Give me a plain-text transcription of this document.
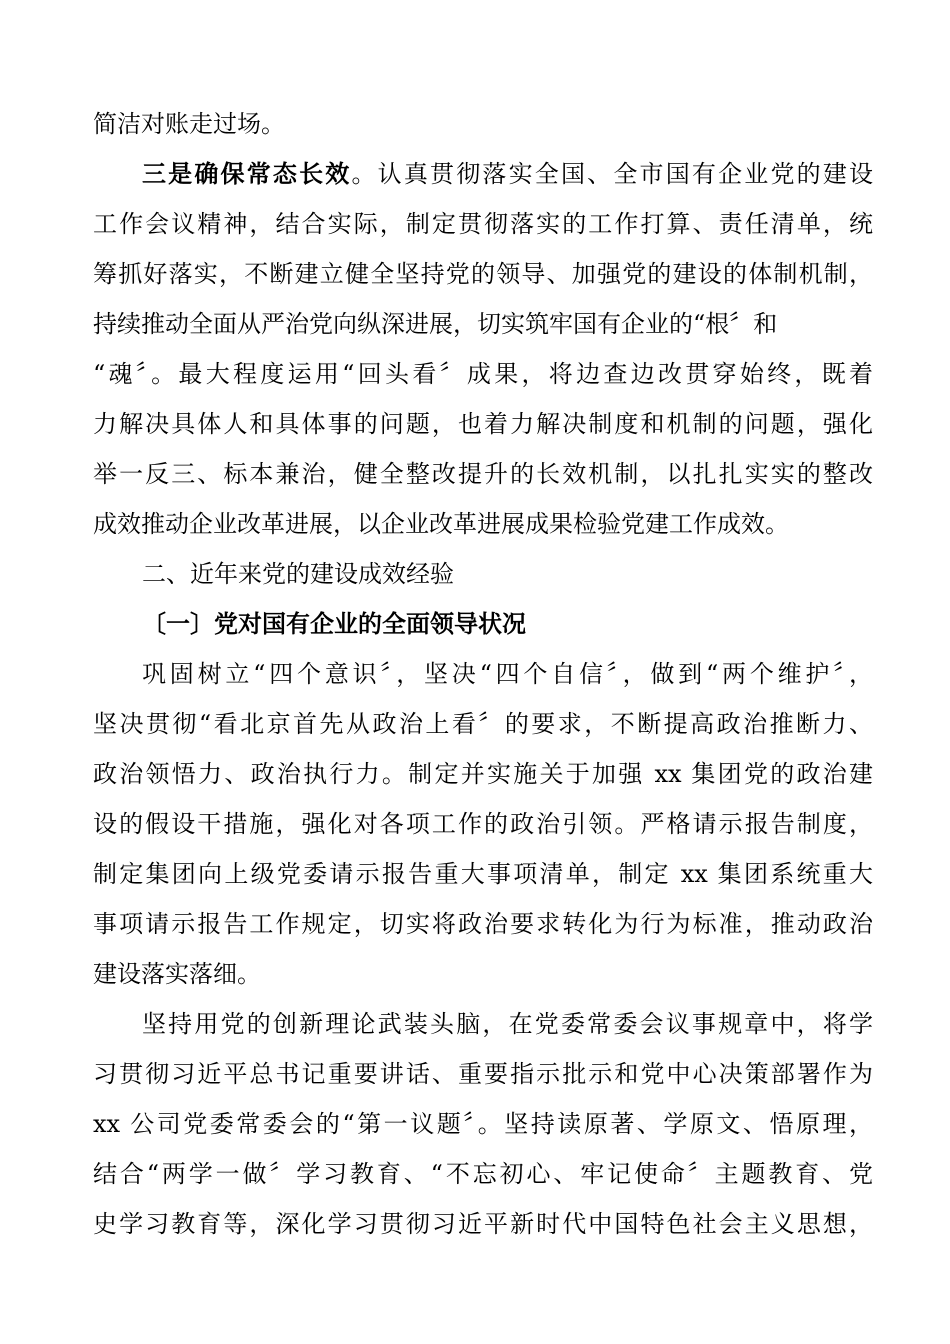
简洁对账走过场。
三是确保常态长效。认真贯彻落实全国、全市国有企业党的建设
工作会议精神，结合实际，制定贯彻落实的工作打算、责任清单，统
筹抓好落实，不断建立健全坚持党的领导、加强党的建设的体制机制，
持续推动全面从严治党向纵深进展，切实筑牢国有企业的“根〞和
“魂〞。最大程度运用“回头看〞成果，将边查边改贯穿始终，既着
力解决具体人和具体事的问题，也着力解决制度和机制的问题，强化
举一反三、标本兼治，健全整改提升的长效机制，以扎扎实实的整改
成效推动企业改革进展，以企业改革进展成果检验党建工作成效。
二、近年来党的建设成效经验
〔一〕党对国有企业的全面领导状况
巩固树立“四个意识〞，坚决“四个自信〞，做到“两个维护〞，
坚决贯彻“看北京首先从政治上看〞的要求，不断提高政治推断力、
政治领悟力、政治执行力。制定并实施关于加强 xx 集团党的政治建
设的假设干措施，强化对各项工作的政治引领。严格请示报告制度，
制定集团向上级党委请示报告重大事项清单，制定 xx 集团系统重大
事项请示报告工作规定，切实将政治要求转化为行为标准，推动政治
建设落实落细。
坚持用党的创新理论武装头脑，在党委常委会议事规章中，将学
习贯彻习近平总书记重要讲话、重要指示批示和党中心决策部署作为
xx 公司党委常委会的“第一议题〞。坚持读原著、学原文、悟原理，
结合“两学一做〞学习教育、“不忘初心、牢记使命〞主题教育、党
史学习教育等，深化学习贯彻习近平新时代中国特色社会主义思想，
